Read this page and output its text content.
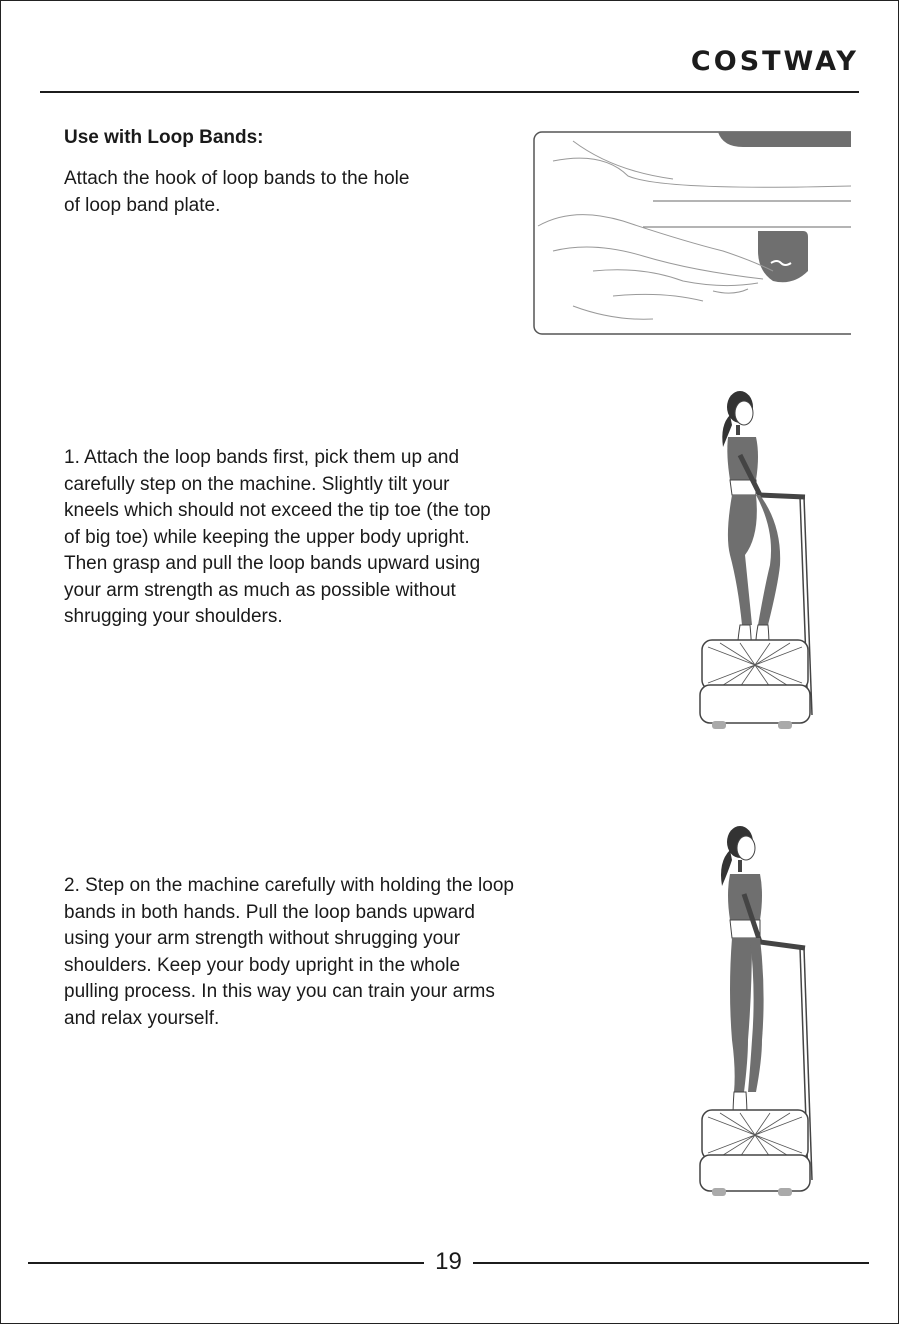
COSTWAY
Use with Loop Bands:
Attach the hook of loop bands to the hole of loop band plate.
1. Attach the loop bands first, pick them up and carefully step on the machine. Slightly tilt your kneels which should not exceed the tip toe (the top of big toe) while keeping the upper body upright. Then grasp and pull the loop bands upward using your arm strength as much as possible without shrugging your shoulders.
2. Step on the machine carefully with holding the loop bands in both hands. Pull the loop bands upward using your arm strength without shrugging your shoulders. Keep your body upright in the whole pulling process. In this way you can train your arms and relax yourself.
19
